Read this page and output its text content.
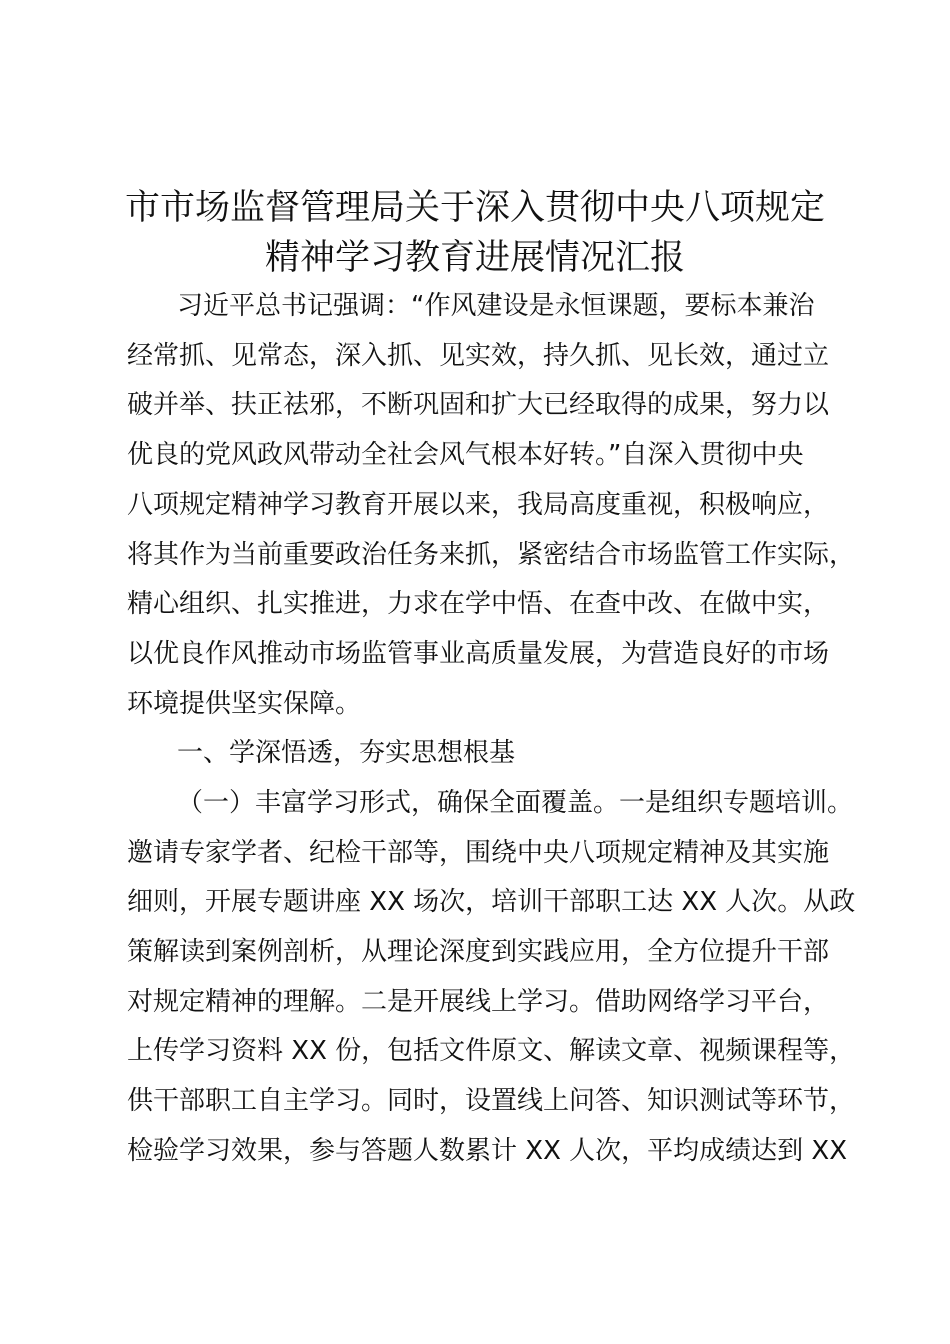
市市场监督管理局关于深入贯彻中央八项规定
精神学习教育进展情况汇报
习近平总书记强调：“作风建设是永恒课题，要标本兼治
经常抓、见常态，深入抓、见实效，持久抓、见长效，通过立
破并举、扶正祛邪，不断巩固和扩大已经取得的成果，努力以
优良的党风政风带动全社会风气根本好转。”自深入贯彻中央
八项规定精神学习教育开展以来，我局高度重视，积极响应，
将其作为当前重要政治任务来抓，紧密结合市场监管工作实际，
精心组织、扎实推进，力求在学中悟、在查中改、在做中实，
以优良作风推动市场监管事业高质量发展，为营造良好的市场
环境提供坚实保障。
一、学深悟透，夯实思想根基
（一）丰富学习形式，确保全面覆盖。一是组织专题培训。
邀请专家学者、纪检干部等，围绕中央八项规定精神及其实施
细则，开展专题讲座 XX 场次，培训干部职工达 XX 人次。从政
策解读到案例剖析，从理论深度到实践应用，全方位提升干部
对规定精神的理解。二是开展线上学习。借助网络学习平台，
上传学习资料 XX 份，包括文件原文、解读文章、视频课程等，
供干部职工自主学习。同时，设置线上问答、知识测试等环节，
检验学习效果，参与答题人数累计 XX 人次，平均成绩达到 XX
